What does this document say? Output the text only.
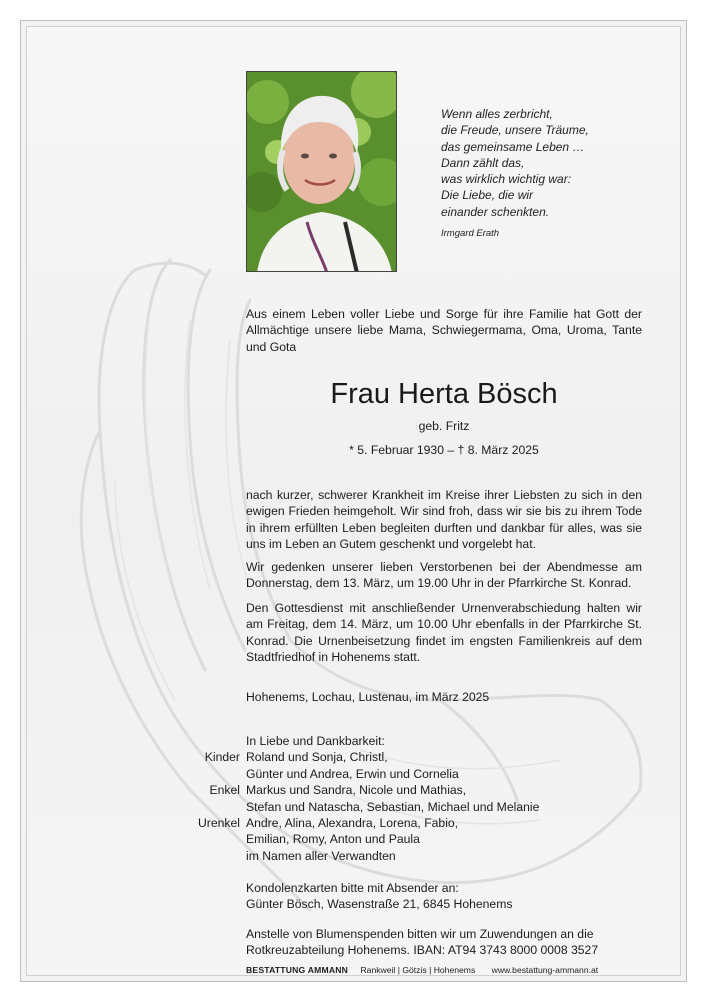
Wenn alles zerbricht,
die Freude, unsere Träume,
das gemeinsame Leben …
Dann zählt das,
was wirklich wichtig war:
Die Liebe, die wir
einander schenkten.
Irmgard Erath
Aus einem Leben voller Liebe und Sorge für ihre Familie hat Gott der Allmächtige unsere liebe Mama, Schwiegermama, Oma, Uroma, Tante und Gota
Frau Herta Bösch
geb. Fritz
* 5. Februar 1930 – † 8. März 2025
nach kurzer, schwerer Krankheit im Kreise ihrer Liebsten zu sich in den ewigen Frieden heimgeholt. Wir sind froh, dass wir sie bis zu ihrem Tode in ihrem erfüllten Leben begleiten durften und dankbar für alles, was sie uns im Leben an Gutem geschenkt und vorgelebt hat.
Wir gedenken unserer lieben Verstorbenen bei der Abendmesse am Donnerstag, dem 13. März, um 19.00 Uhr in der Pfarrkirche St. Konrad.
Den Gottesdienst mit anschließender Urnenverabschiedung halten wir am Freitag, dem 14. März, um 10.00 Uhr ebenfalls in der Pfarrkirche St. Konrad. Die Urnenbeisetzung findet im engsten Familienkreis auf dem Stadtfriedhof in Hohenems statt.
Hohenems, Lochau, Lustenau, im März 2025
In Liebe und Dankbarkeit:
Kinder Roland und Sonja, Christl,
Günter und Andrea, Erwin und Cornelia
Enkel Markus und Sandra, Nicole und Mathias,
Stefan und Natascha, Sebastian, Michael und Melanie
Urenkel Andre, Alina, Alexandra, Lorena, Fabio,
Emilian, Romy, Anton und Paula
im Namen aller Verwandten
Kondolenzkarten bitte mit Absender an:
Günter Bösch, Wasenstraße 21, 6845 Hohenems
Anstelle von Blumenspenden bitten wir um Zuwendungen an die
Rotkreuzabteilung Hohenems. IBAN: AT94 3743 8000 0008 3527
BESTATTUNG AMMANN Rankweil | Götzis | Hohenems www.bestattung-ammann.at
